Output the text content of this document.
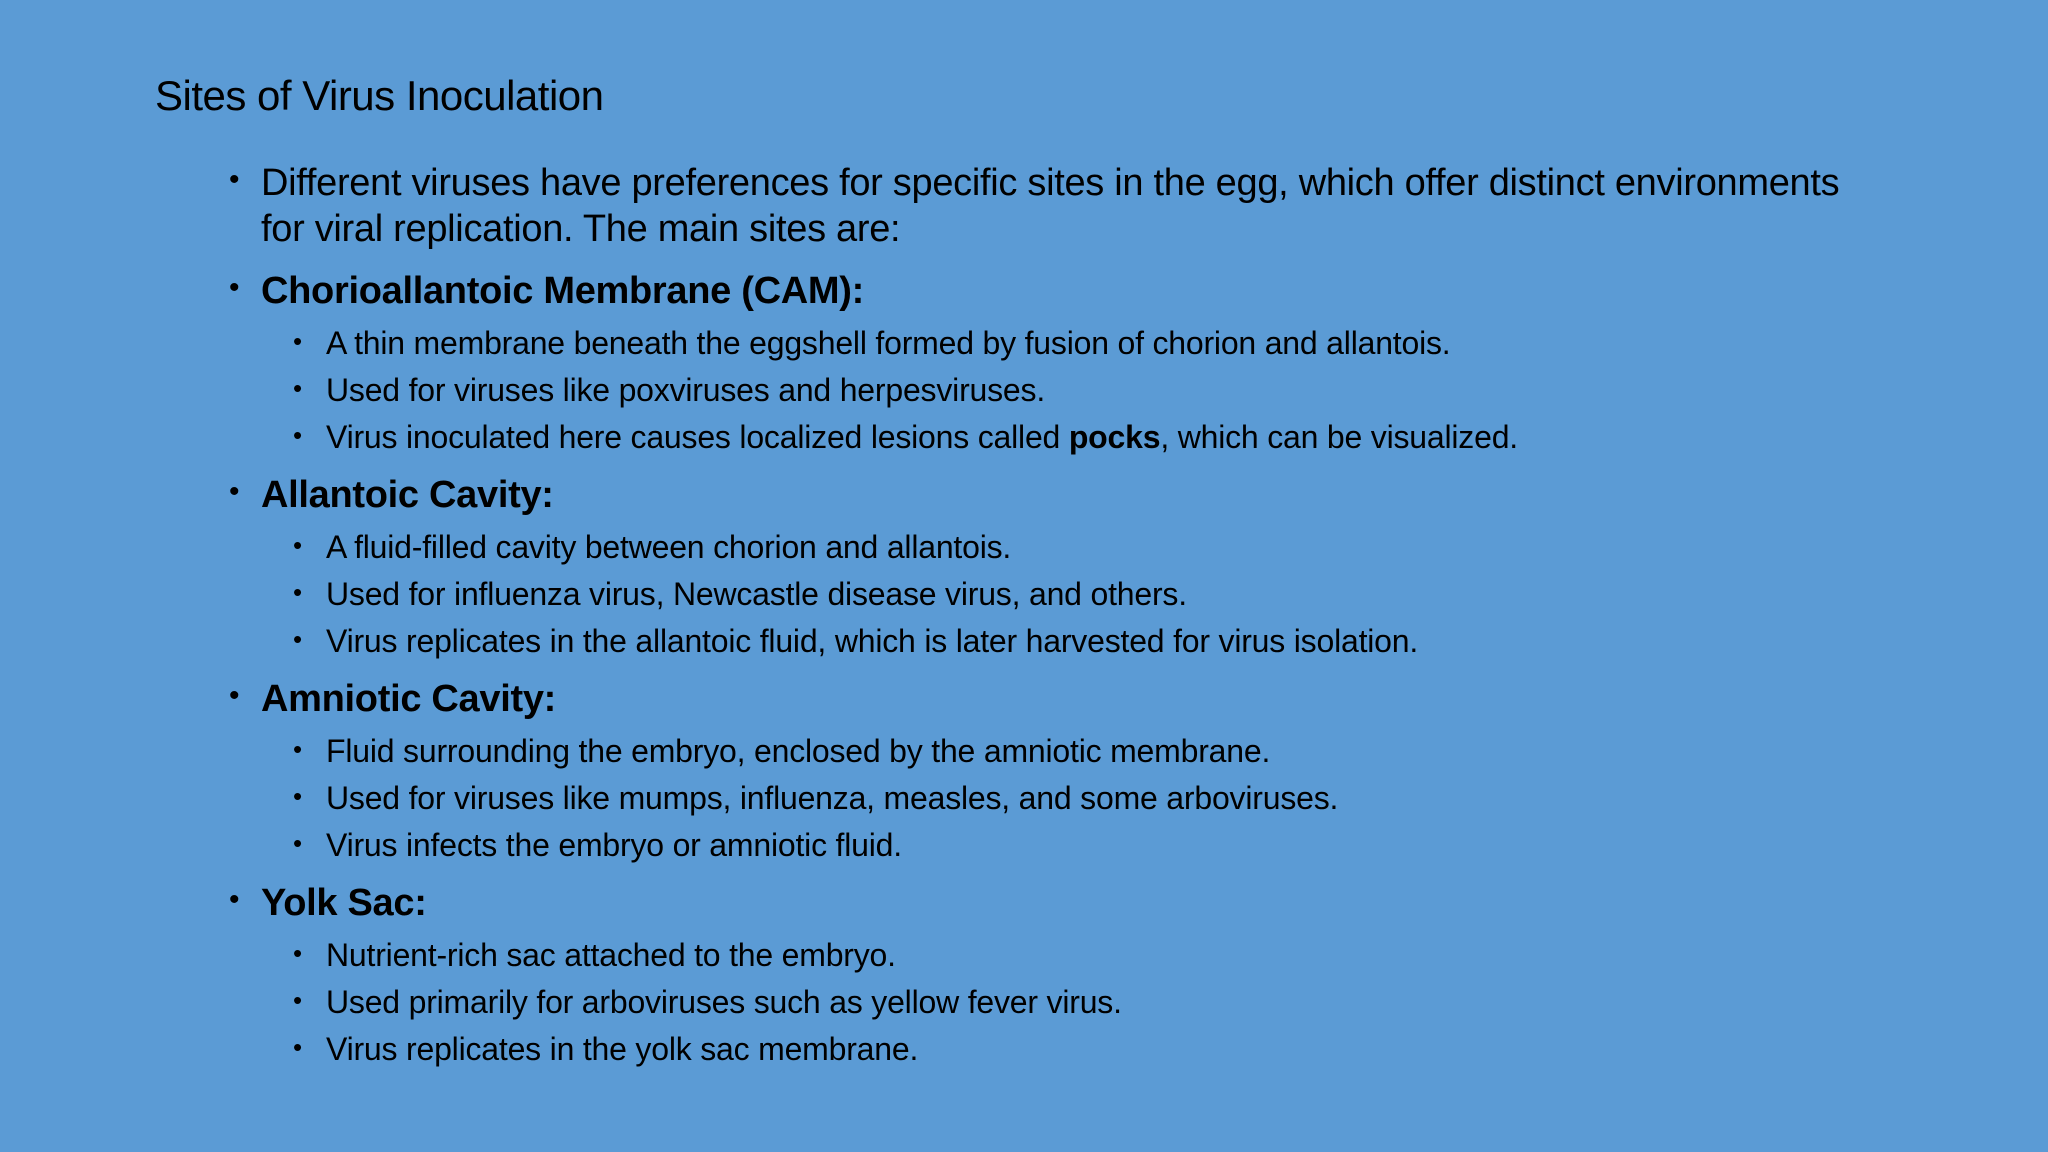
Sites of Virus Inoculation
• Different viruses have preferences for specific sites in the egg, which offer distinct environments
for viral replication. The main sites are:
• Chorioallantoic Membrane (CAM):
• A thin membrane beneath the eggshell formed by fusion of chorion and allantois.
• Used for viruses like poxviruses and herpesviruses.
• Virus inoculated here causes localized lesions called pocks, which can be visualized.
• Allantoic Cavity:
• A fluid-filled cavity between chorion and allantois.
• Used for influenza virus, Newcastle disease virus, and others.
• Virus replicates in the allantoic fluid, which is later harvested for virus isolation.
• Amniotic Cavity:
• Fluid surrounding the embryo, enclosed by the amniotic membrane.
• Used for viruses like mumps, influenza, measles, and some arboviruses.
• Virus infects the embryo or amniotic fluid.
• Yolk Sac:
• Nutrient-rich sac attached to the embryo.
• Used primarily for arboviruses such as yellow fever virus.
• Virus replicates in the yolk sac membrane.
